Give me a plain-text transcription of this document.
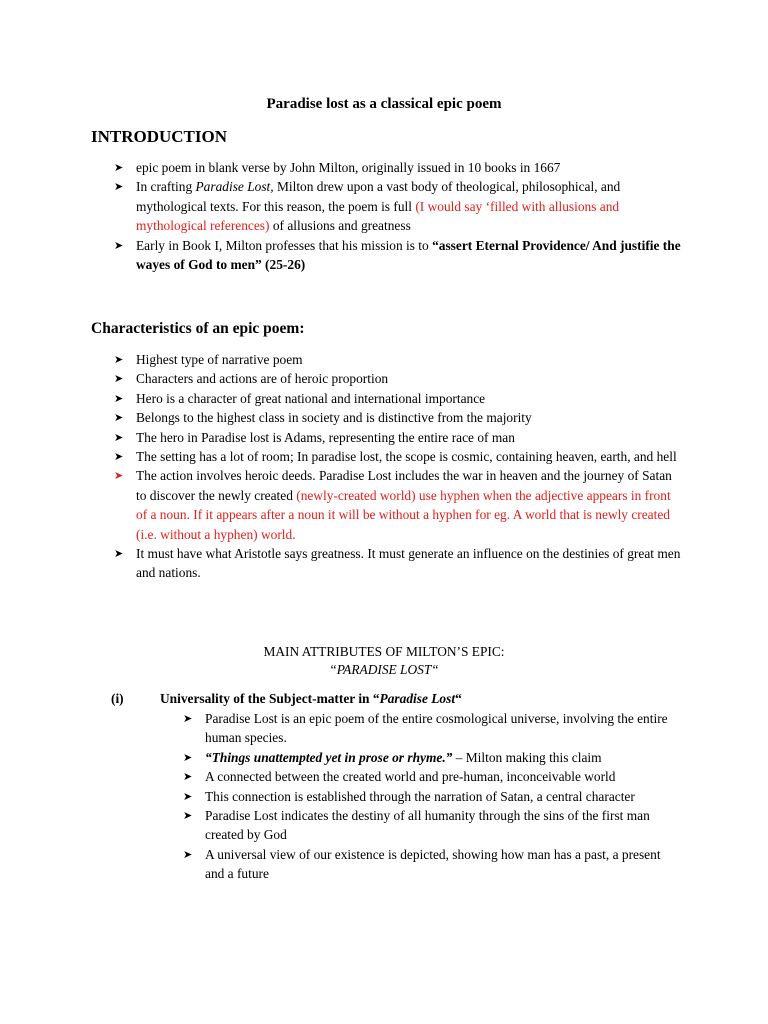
Paradise lost as a classical epic poem
INTRODUCTION
➤ epic poem in blank verse by John Milton, originally issued in 10 books in 1667
➤ In crafting Paradise Lost, Milton drew upon a vast body of theological, philosophical, and mythological texts. For this reason, the poem is full (I would say ‘filled with allusions and mythological references) of allusions and greatness
➤ Early in Book I, Milton professes that his mission is to “assert Eternal Providence/ And justifie the wayes of God to men” (25-26)
Characteristics of an epic poem:
➤ Highest type of narrative poem
➤ Characters and actions are of heroic proportion
➤ Hero is a character of great national and international importance
➤ Belongs to the highest class in society and is distinctive from the majority
➤ The hero in Paradise lost is Adams, representing the entire race of man
➤ The setting has a lot of room; In paradise lost, the scope is cosmic, containing heaven, earth, and hell
➤ The action involves heroic deeds. Paradise Lost includes the war in heaven and the journey of Satan to discover the newly created (newly-created world) use hyphen when the adjective appears in front of a noun. If it appears after a noun it will be without a hyphen for eg. A world that is newly created (i.e. without a hyphen) world.
➤ It must have what Aristotle says greatness. It must generate an influence on the destinies of great men and nations.
MAIN ATTRIBUTES OF MILTON’S EPIC:
“PARADISE LOST“
(i)	Universality of the Subject-matter in “Paradise Lost“
➤ Paradise Lost is an epic poem of the entire cosmological universe, involving the entire human species.
➤ “Things unattempted yet in prose or rhyme.” – Milton making this claim
➤ A connected between the created world and pre-human, inconceivable world
➤ This connection is established through the narration of Satan, a central character
➤ Paradise Lost indicates the destiny of all humanity through the sins of the first man created by God
➤ A universal view of our existence is depicted, showing how man has a past, a present and a future
